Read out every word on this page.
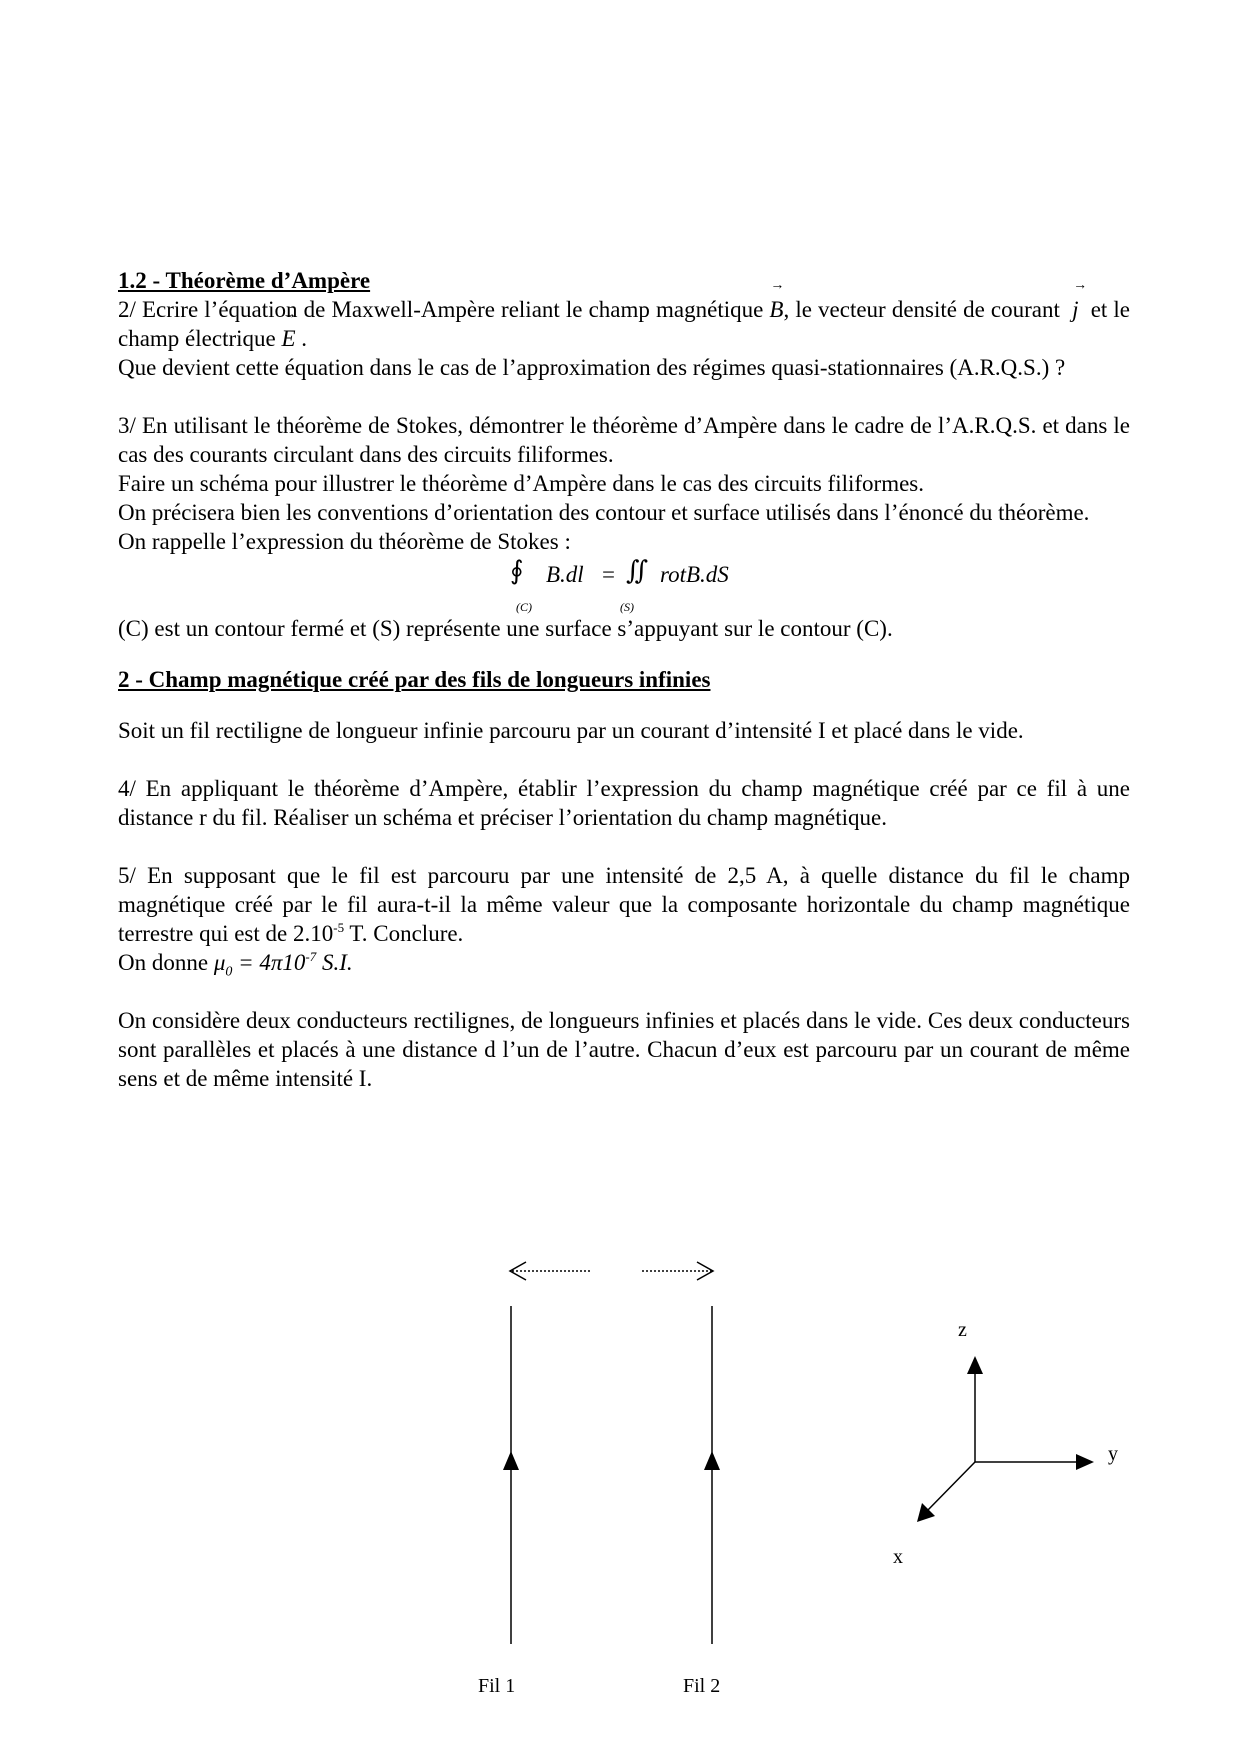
1.2 - Théorème d’Ampère

2/ Ecrire l’équation de Maxwell-Ampère reliant le champ magnétique → B, le vecteur densité de courant → j et le champ électrique → E .

Que devient cette équation dans le cas de l’approximation des régimes quasi-stationnaires (A.R.Q.S.) ?

3/ En utilisant le théorème de Stokes, démontrer le théorème d’Ampère dans le cadre de l’A.R.Q.S. et dans le cas des courants circulant dans des circuits filiformes.

Faire un schéma pour illustrer le théorème d’Ampère dans le cas des circuits filiformes.

On précisera bien les conventions d’orientation des contour et surface utilisés dans l’énoncé du théorème.

On rappelle l’expression du théorème de Stokes :

∮ B.dl = ∬ rotB.dS
(C)	(S)

(C) est un contour fermé et (S) représente une surface s’appuyant sur le contour (C).

2 - Champ magnétique créé par des fils de longueurs infinies

Soit un fil rectiligne de longueur infinie parcouru par un courant d’intensité I et placé dans le vide.

4/ En appliquant le théorème d’Ampère, établir l’expression du champ magnétique créé par ce fil à une distance r du fil. Réaliser un schéma et préciser l’orientation du champ magnétique.

5/ En supposant que le fil est parcouru par une intensité de 2,5 A, à quelle distance du fil le champ magnétique créé par le fil aura-t-il la même valeur que la composante horizontale du champ magnétique terrestre qui est de $2.10^{-5}$ T. Conclure.

On donne $\mu_0 = 4\pi 10^{-7}$ S.I.

On considère deux conducteurs rectilignes, de longueurs infinies et placés dans le vide. Ces deux conducteurs sont parallèles et placés à une distance d l’un de l’autre. Chacun d’eux est parcouru par un courant de même sens et de même intensité I.

Fil 1	Fil 2
z
y
x
